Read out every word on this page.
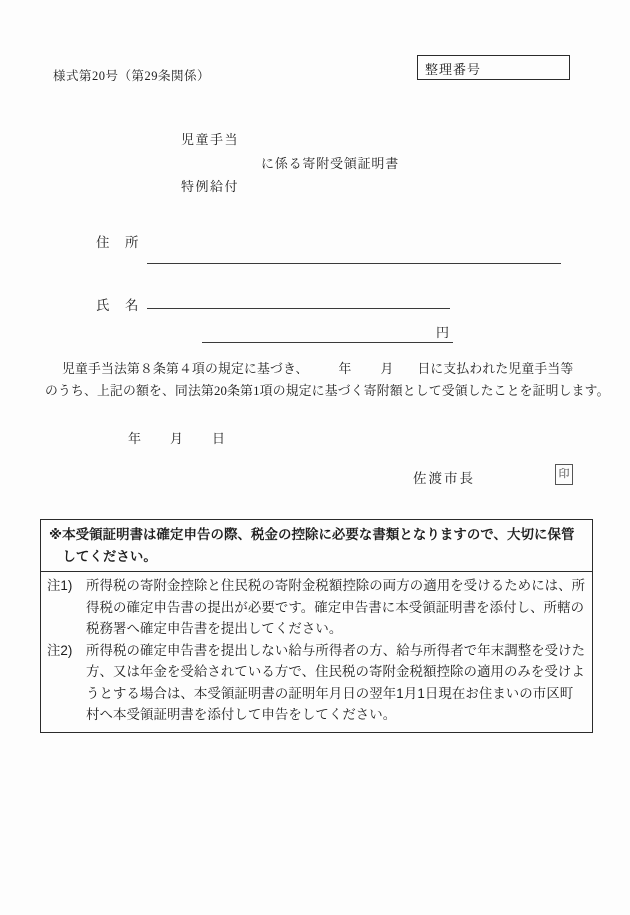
様式第20号（第29条関係）	整理番号
児童手当
に係る寄附受領証明書
特例給付
住　所
氏　名
円
児童手当法第８条第４項の規定に基づき、 年 月 日に支払われた児童手当等
のうち、上記の額を、同法第20条第1項の規定に基づく寄附額として受領したことを証明します。
年 月 日
佐渡市長	印
※本受領証明書は確定申告の際、税金の控除に必要な書類となりますので、大切に保管してください。
注1)	所得税の寄附金控除と住民税の寄附金税額控除の両方の適用を受けるためには、所得税の確定申告書の提出が必要です。確定申告書に本受領証明書を添付し、所轄の税務署へ確定申告書を提出してください。
注2)	所得税の確定申告書を提出しない給与所得者の方、給与所得者で年末調整を受けた方、又は年金を受給されている方で、住民税の寄附金税額控除の適用のみを受けようとする場合は、本受領証明書の証明年月日の翌年1月1日現在お住まいの市区町村へ本受領証明書を添付して申告をしてください。
